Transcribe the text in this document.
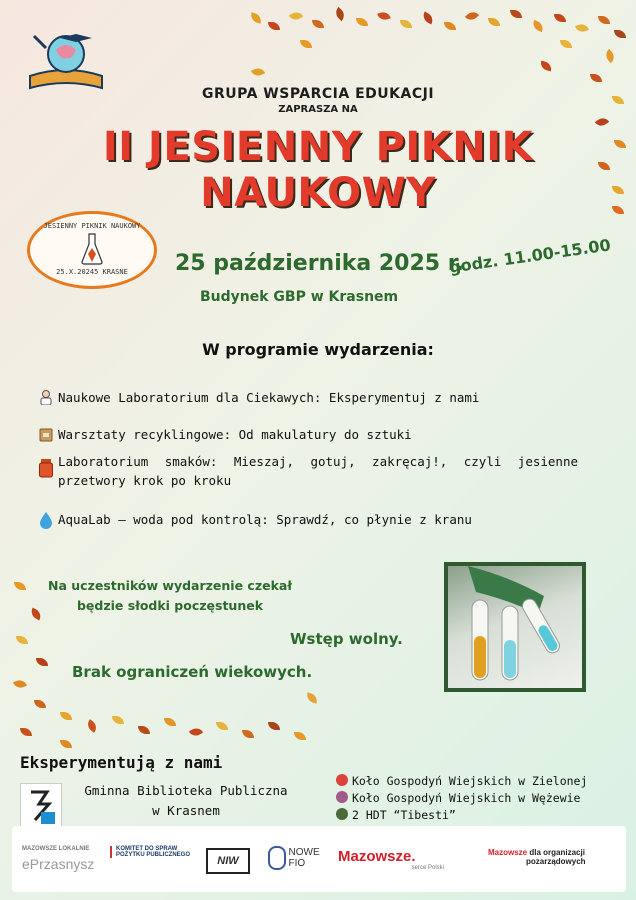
GRUPA WSPARCIA EDUKACJI
ZAPRASZA NA
II JESIENNY PIKNIK
NAUKOWY
JESIENNY PIKNIK NAUKOWY
25.X.20245 KRASNE	25 października 2025 r.
godz. 11.00-15.00
Budynek GBP w Krasnem
W programie wydarzenia:
Naukowe Laboratorium dla Ciekawych: Eksperymentuj z nami
Warsztaty recyklingowe: Od makulatury do sztuki
Laboratorium smaków: Mieszaj, gotuj, zakręcaj!, czyli jesienne przetwory krok po kroku
AquaLab – woda pod kontrolą: Sprawdź, co płynie z kranu
Na uczestników wydarzenie czekał
będzie słodki poczęstunek
Wstęp wolny.
Brak ograniczeń wiekowych.
Eksperymentują z nami
Gminna Biblioteka Publiczna
w Krasnem
Koło Gospodyń Wiejskich w Zielonej
Koło Gospodyń Wiejskich w Wężewie
2 HDT “Tibesti”
MAZOWSZE LOKALNIE
ePrzasnysz
KOMITET DO SPRAW POŻYTKU PUBLICZNEGO	NIW
NOWE
FIO	Mazowsze.
serce Polski
Mazowsze dla organizacji
pozarządowych
